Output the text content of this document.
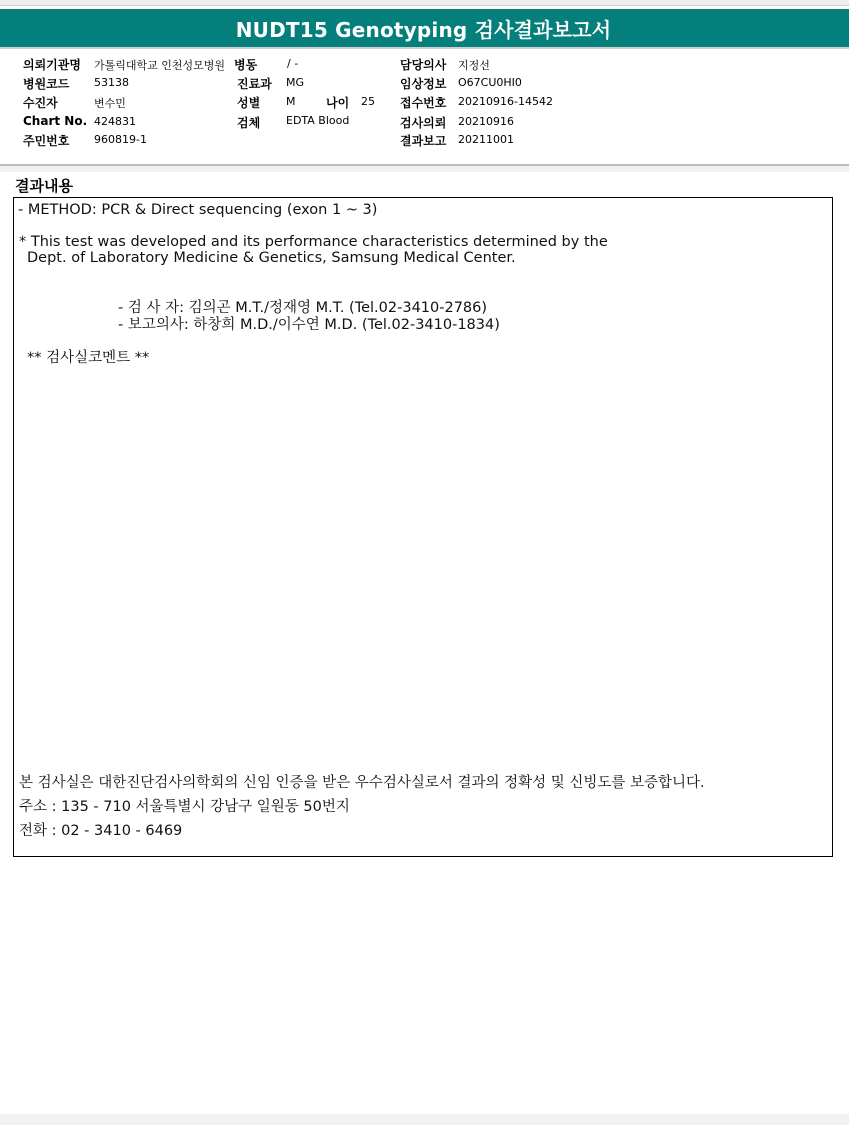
NUDT15 Genotyping 검사결과보고서
의뢰기관명 가톨릭대학교 인천성모병원 병동	/ -	담당의사 지정선
병원코드 53138	진료과 MG	임상정보 O67CU0HI0
수진자	변수민	성별 M	나이 25 접수번호 20210916-14542
Chart No. 424831	검체 EDTA Blood	검사의뢰 20210916
주민번호 960819-1	결과보고 20211001
결과내용
- METHOD: PCR & Direct sequencing (exon 1 ~ 3)
* This test was developed and its performance characteristics determined by the
Dept. of Laboratory Medicine & Genetics, Samsung Medical Center.
- 검 사 자: 김의곤 M.T./정재영 M.T. (Tel.02-3410-2786)
- 보고의사: 하창희 M.D./이수연 M.D. (Tel.02-3410-1834)
** 검사실코멘트 **
본 검사실은 대한진단검사의학회의 신임 인증을 받은 우수검사실로서 결과의 정확성 및 신빙도를 보증합니다.
주소 : 135 - 710 서울특별시 강남구 일원동 50번지
전화 : 02 - 3410 - 6469
